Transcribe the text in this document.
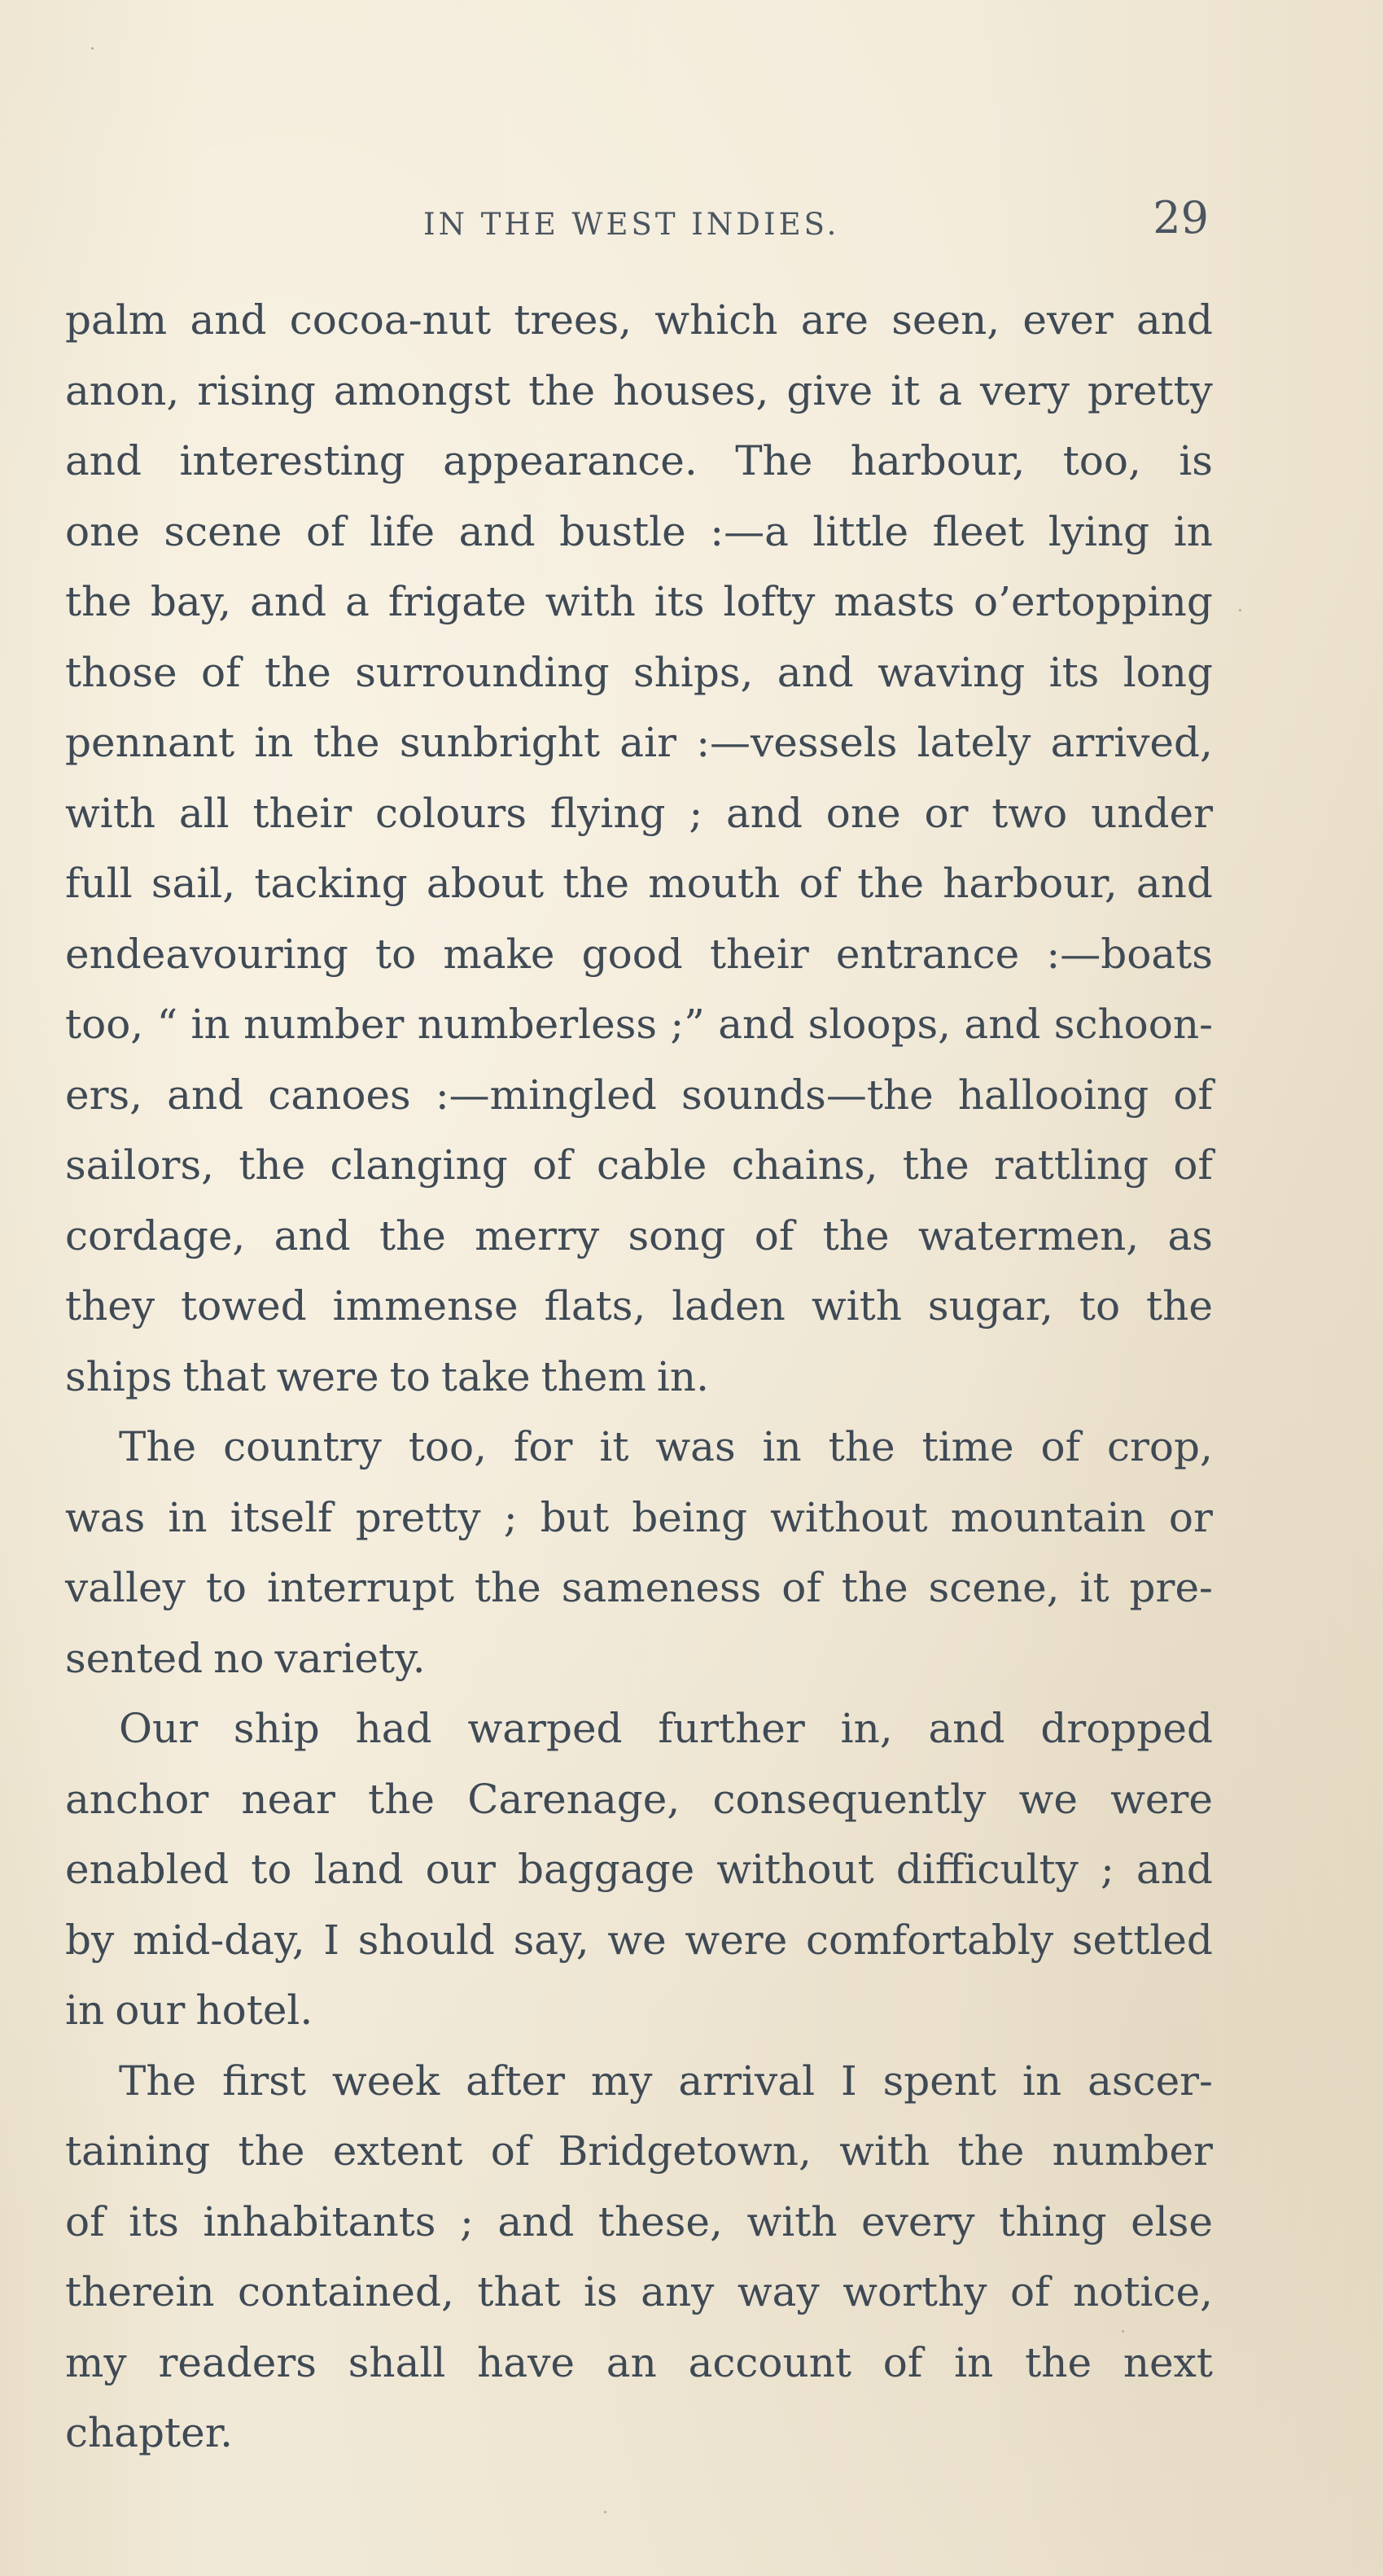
IN THE WEST INDIES.	29
palm and cocoa-nut trees, which are seen, ever and
anon, rising amongst the houses, give it a very pretty
and interesting appearance. The harbour, too, is
one scene of life and bustle :—a little fleet lying in
the bay, and a frigate with its lofty masts o’ertopping
those of the surrounding ships, and waving its long
pennant in the sunbright air :—vessels lately arrived,
with all their colours flying ; and one or two under
full sail, tacking about the mouth of the harbour, and
endeavouring to make good their entrance :—boats
too, “ in number numberless ;” and sloops, and schoon-
ers, and canoes :—mingled sounds—the hallooing of
sailors, the clanging of cable chains, the rattling of
cordage, and the merry song of the watermen, as
they towed immense flats, laden with sugar, to the
ships that were to take them in.
The country too, for it was in the time of crop,
was in itself pretty ; but being without mountain or
valley to interrupt the sameness of the scene, it pre-
sented no variety.
Our ship had warped further in, and dropped
anchor near the Carenage, consequently we were
enabled to land our baggage without difficulty ; and
by mid-day, I should say, we were comfortably settled
in our hotel.
The first week after my arrival I spent in ascer-
taining the extent of Bridgetown, with the number
of its inhabitants ; and these, with every thing else
therein contained, that is any way worthy of notice,
my readers shall have an account of in the next
chapter.
